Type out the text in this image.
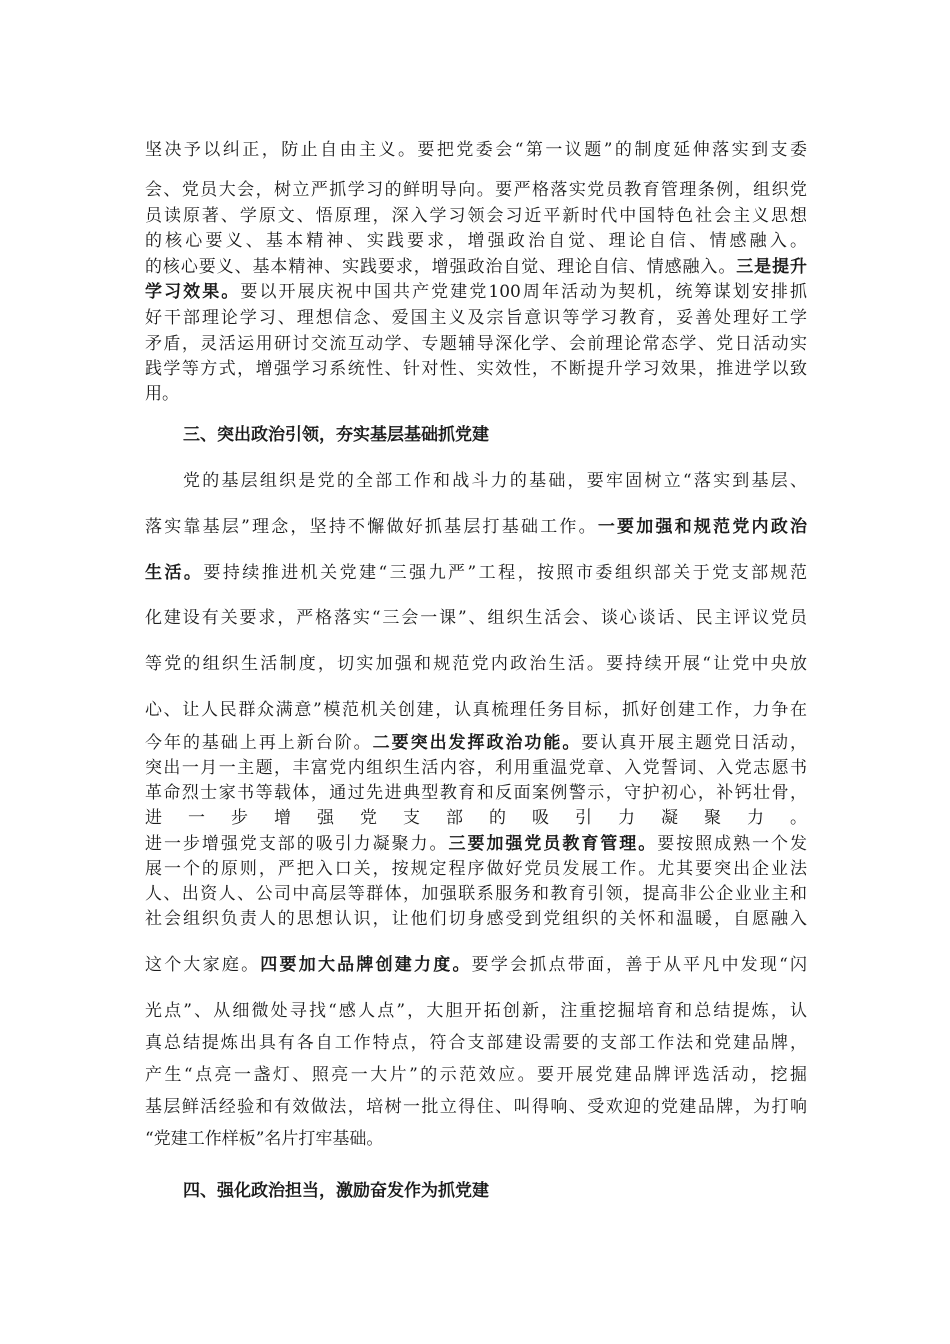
坚决予以纠正，防止自由主义。要把党委会“第一议题”的制度延伸落实到支委
会、党员大会，树立严抓学习的鲜明导向。要严格落实党员教育管理条例，组织党
员读原著、学原文、悟原理，深入学习领会习近平新时代中国特色社会主义思想
的核心要义、基本精神、实践要求，增强政治自觉、理论自信、情感融入。
的核心要义、基本精神、实践要求，增强政治自觉、理论自信、情感融入。三是提升
学习效果。要以开展庆祝中国共产党建党100周年活动为契机，统筹谋划安排抓
好干部理论学习、理想信念、爱国主义及宗旨意识等学习教育，妥善处理好工学
矛盾，灵活运用研讨交流互动学、专题辅导深化学、会前理论常态学、党日活动实
践学等方式，增强学习系统性、针对性、实效性，不断提升学习效果，推进学以致
用。
三、突出政治引领，夯实基层基础抓党建
党的基层组织是党的全部工作和战斗力的基础，要牢固树立“落实到基层、
落实靠基层”理念，坚持不懈做好抓基层打基础工作。一要加强和规范党内政治
生活。要持续推进机关党建“三强九严”工程，按照市委组织部关于党支部规范
化建设有关要求，严格落实“三会一课”、组织生活会、谈心谈话、民主评议党员
等党的组织生活制度，切实加强和规范党内政治生活。要持续开展“让党中央放
心、让人民群众满意”模范机关创建，认真梳理任务目标，抓好创建工作，力争在
今年的基础上再上新台阶。二要突出发挥政治功能。要认真开展主题党日活动，
突出一月一主题，丰富党内组织生活内容，利用重温党章、入党誓词、入党志愿书
革命烈士家书等载体，通过先进典型教育和反面案例警示，守护初心，补钙壮骨，
进一步增强党支部的吸引力凝聚力。
进一步增强党支部的吸引力凝聚力。三要加强党员教育管理。要按照成熟一个发
展一个的原则，严把入口关，按规定程序做好党员发展工作。尤其要突出企业法
人、出资人、公司中高层等群体，加强联系服务和教育引领，提高非公企业业主和
社会组织负责人的思想认识，让他们切身感受到党组织的关怀和温暖，自愿融入
这个大家庭。四要加大品牌创建力度。要学会抓点带面，善于从平凡中发现“闪
光点”、从细微处寻找“感人点”，大胆开拓创新，注重挖掘培育和总结提炼，认
真总结提炼出具有各自工作特点，符合支部建设需要的支部工作法和党建品牌，
产生“点亮一盏灯、照亮一大片”的示范效应。要开展党建品牌评选活动，挖掘
基层鲜活经验和有效做法，培树一批立得住、叫得响、受欢迎的党建品牌，为打响
“党建工作样板”名片打牢基础。
四、强化政治担当，激励奋发作为抓党建
